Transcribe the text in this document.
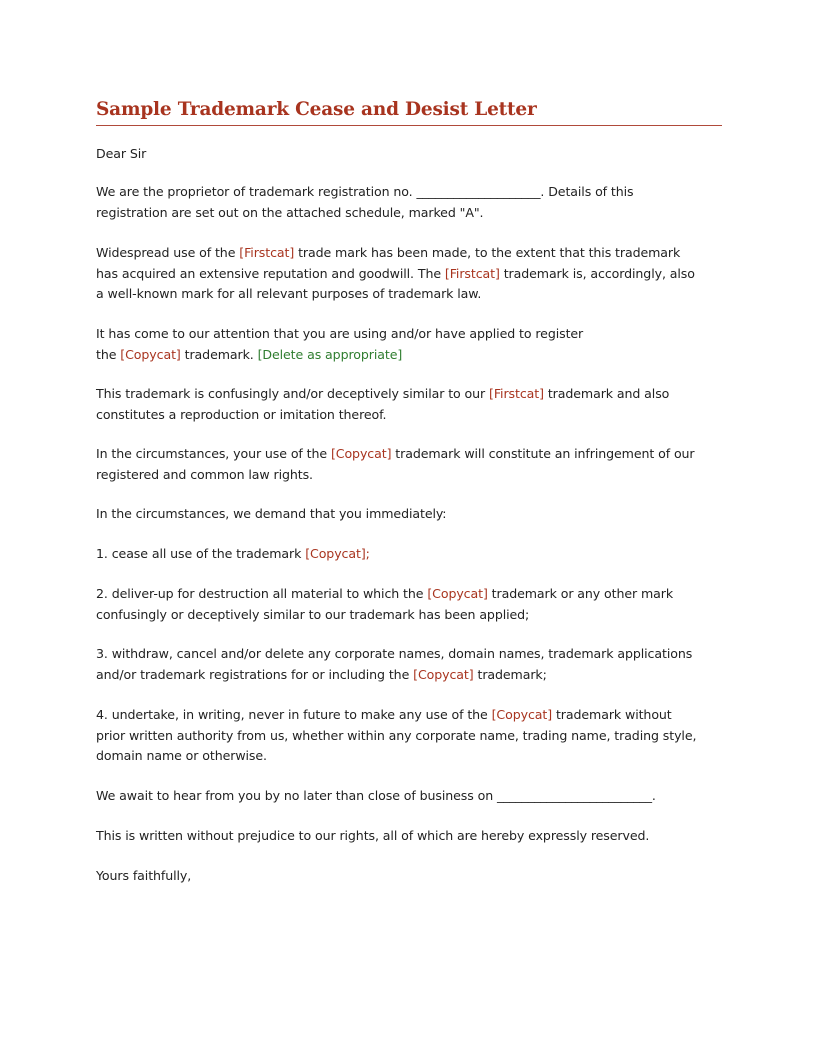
Sample Trademark Cease and Desist Letter

Dear Sir

We are the proprietor of trademark registration no. ____________________. Details of this
registration are set out on the attached schedule, marked "A".

Widespread use of the [Firstcat] trade mark has been made, to the extent that this trademark
has acquired an extensive reputation and goodwill. The [Firstcat] trademark is, accordingly, also
a well-known mark for all relevant purposes of trademark law.

It has come to our attention that you are using and/or have applied to register
the [Copycat] trademark. [Delete as appropriate]

This trademark is confusingly and/or deceptively similar to our [Firstcat] trademark and also
constitutes a reproduction or imitation thereof.

In the circumstances, your use of the [Copycat] trademark will constitute an infringement of our
registered and common law rights.

In the circumstances, we demand that you immediately:

1. cease all use of the trademark [Copycat];

2. deliver-up for destruction all material to which the [Copycat] trademark or any other mark
confusingly or deceptively similar to our trademark has been applied;

3. withdraw, cancel and/or delete any corporate names, domain names, trademark applications
and/or trademark registrations for or including the [Copycat] trademark;

4. undertake, in writing, never in future to make any use of the [Copycat] trademark without
prior written authority from us, whether within any corporate name, trading name, trading style,
domain name or otherwise.

We await to hear from you by no later than close of business on _________________________.

This is written without prejudice to our rights, all of which are hereby expressly reserved.

Yours faithfully,
